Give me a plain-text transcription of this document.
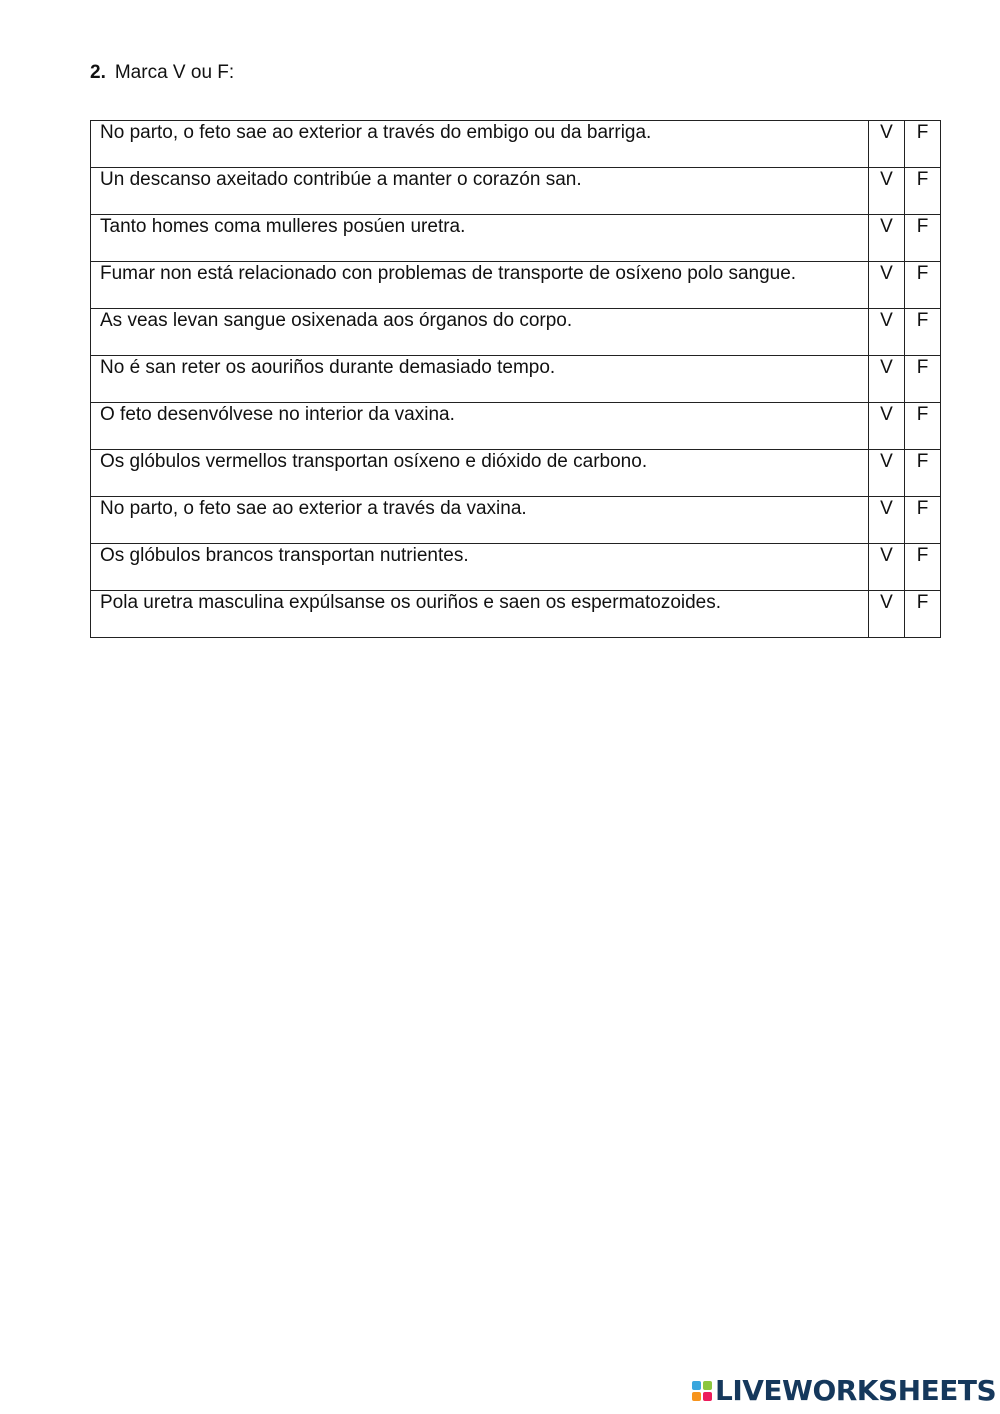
2. Marca V ou F:
No parto, o feto sae ao exterior a través do embigo ou da barriga.	V	F

Un descanso axeitado contribúe a manter o corazón san.	V	F

Tanto homes coma mulleres posúen uretra.	V	F

Fumar non está relacionado con problemas de transporte de osíxeno polo sangue.	V	F

As veas levan sangue osixenada aos órganos do corpo.	V	F

No é san reter os aouriños durante demasiado tempo.	V	F

O feto desenvólvese no interior da vaxina.	V	F

Os glóbulos vermellos transportan osíxeno e dióxido de carbono.	V	F

No parto, o feto sae ao exterior a través da vaxina.	V	F

Os glóbulos brancos transportan nutrientes.	V	F

Pola uretra masculina expúlsanse os ouriños e saen os espermatozoides.	V	F
LIVEWORKSHEETS
